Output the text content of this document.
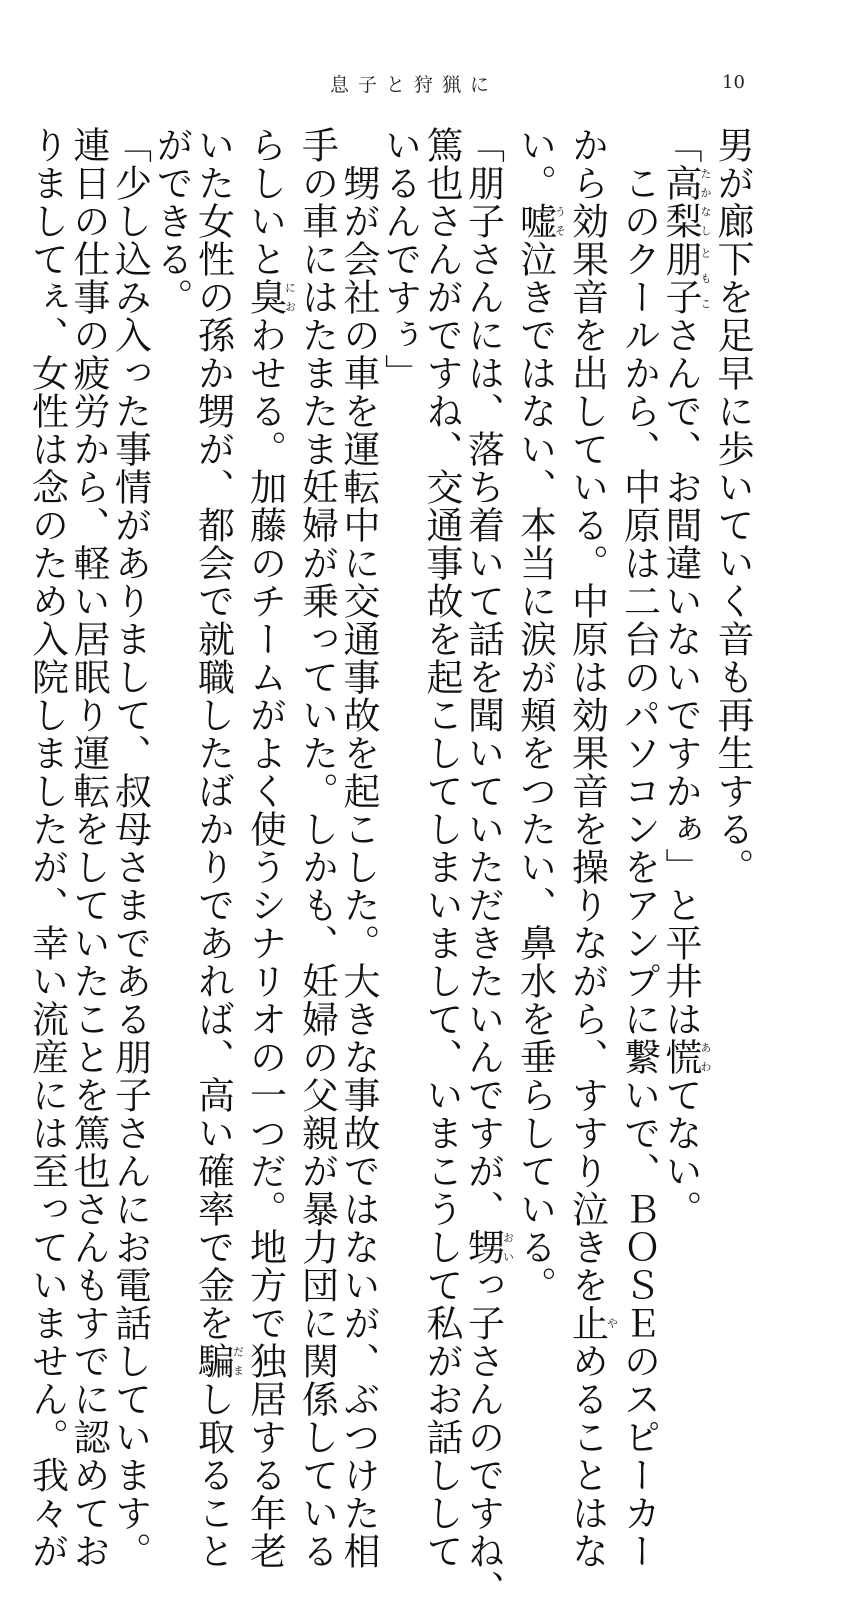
息子と狩猟に	10

男が廊下を足早に歩いていく音も再生する。

「高梨たかなし朋子ともこさんで、お間違いないですかぁ」と平井は慌あわてない。

　このクールから、中原は二台のパソコンをアンプに繋いで、ＢＯＳＥのスピーカー

から効果音を出している。中原は効果音を操りながら、すすり泣きを止やめることはな

い。嘘うそ泣きではない、本当に涙が頬をつたい、鼻水を垂らしている。

「朋子さんには、落ち着いて話を聞いていただきたいんですが、甥おいっ子さんのですね、

篤也さんがですね、交通事故を起こしてしまいまして、いまこうして私がお話しして

いるんですぅ」

　甥が会社の車を運転中に交通事故を起こした。大きな事故ではないが、ぶつけた相

手の車にはたまたま妊婦が乗っていた。しかも、妊婦の父親が暴力団に関係している

らしいと臭におわせる。加藤のチームがよく使うシナリオの一つだ。地方で独居する年老

いた女性の孫か甥が、都会で就職したばかりであれば、高い確率で金を騙だまし取ること

ができる。

「少し込み入った事情がありまして、叔母さまである朋子さんにお電話しています。

連日の仕事の疲労から、軽い居眠り運転をしていたことを篤也さんもすでに認めてお

りましてぇ、女性は念のため入院しましたが、幸い流産には至っていません。我々が
